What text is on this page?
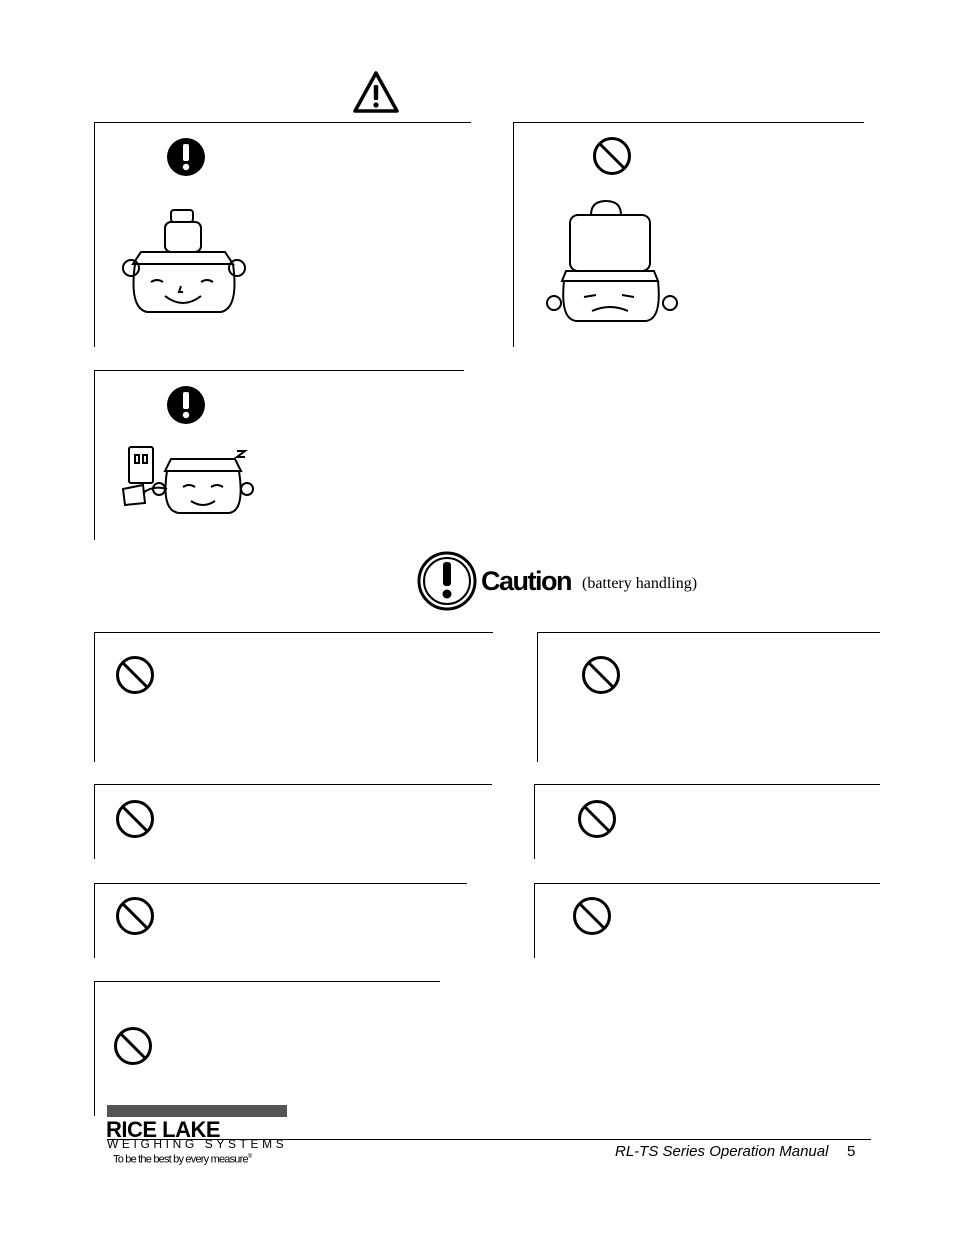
Caution (battery handling)
RICE LAKE
WEIGHING SYSTEMS
To be the best by every measure®	RL-TS Series Operation Manual 5
